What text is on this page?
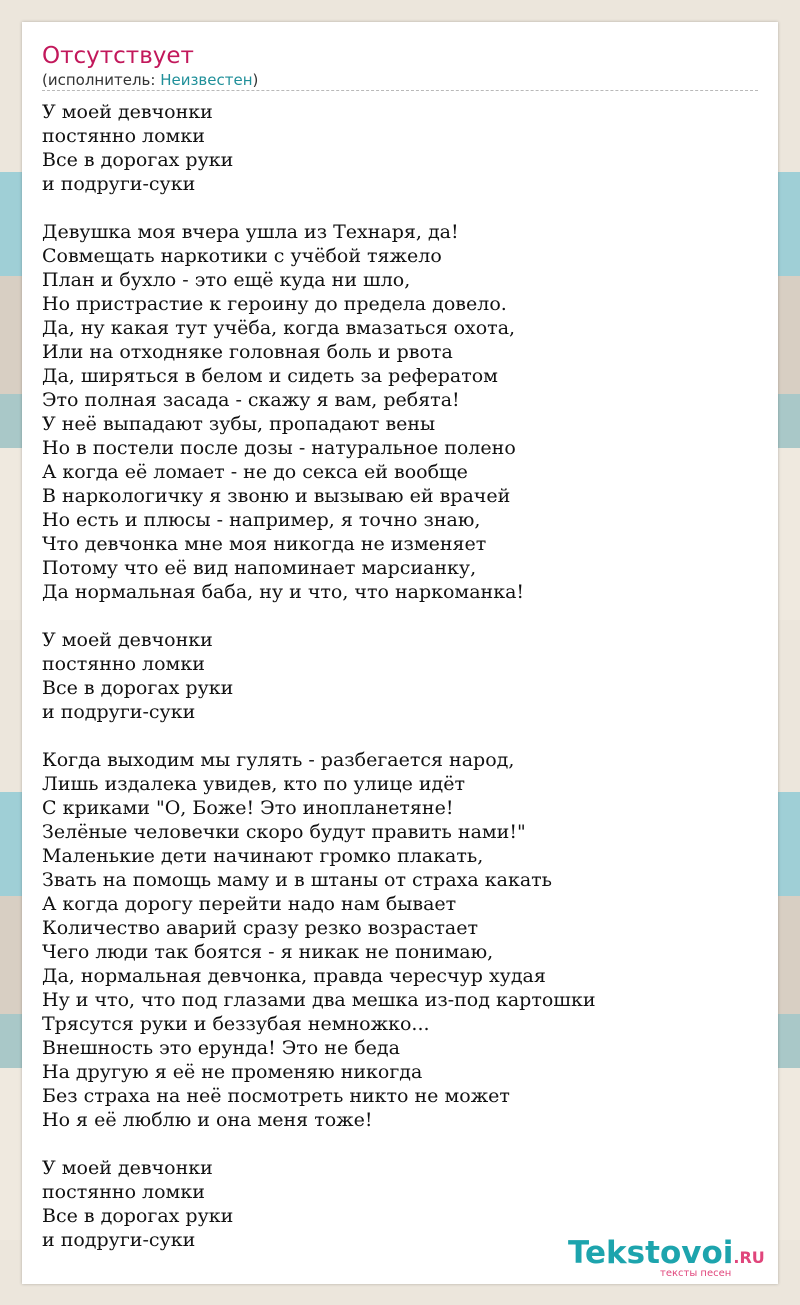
Отсутствует
(исполнитель: Неизвестен)
У моей девчонки
постянно ломки
Все в дорогах руки
и подруги-суки
Девушка моя вчера ушла из Технаря, да!
Совмещать наркотики с учёбой тяжело
План и бухло - это ещё куда ни шло,
Но пристрастие к героину до предела довело.
Да, ну какая тут учёба, когда вмазаться охота,
Или на отходняке головная боль и рвота
Да, ширяться в белом и сидеть за рефератом
Это полная засада - скажу я вам, ребята!
У неё выпадают зубы, пропадают вены
Но в постели после дозы - натуральное полено
А когда её ломает - не до секса ей вообще
В наркологичку я звоню и вызываю ей врачей
Но есть и плюсы - например, я точно знаю,
Что девчонка мне моя никогда не изменяет
Потому что её вид напоминает марсианку,
Да нормальная баба, ну и что, что наркоманка!
У моей девчонки
постянно ломки
Все в дорогах руки
и подруги-суки
Когда выходим мы гулять - разбегается народ,
Лишь издалека увидев, кто по улице идёт
С криками "О, Боже! Это инопланетяне!
Зелёные человечки скоро будут править нами!"
Маленькие дети начинают громко плакать,
Звать на помощь маму и в штаны от страха какать
А когда дорогу перейти надо нам бывает
Количество аварий сразу резко возрастает
Чего люди так боятся - я никак не понимаю,
Да, нормальная девчонка, правда чересчур худая
Ну и что, что под глазами два мешка из-под картошки
Трясутся руки и беззубая немножко...
Внешность это ерунда! Это не беда
На другую я её не променяю никогда
Без страха на неё посмотреть никто не может
Но я её люблю и она меня тоже!
У моей девчонки
постянно ломки
Все в дорогах руки
и подруги-суки	Tekstovoi.RU
тексты песен
